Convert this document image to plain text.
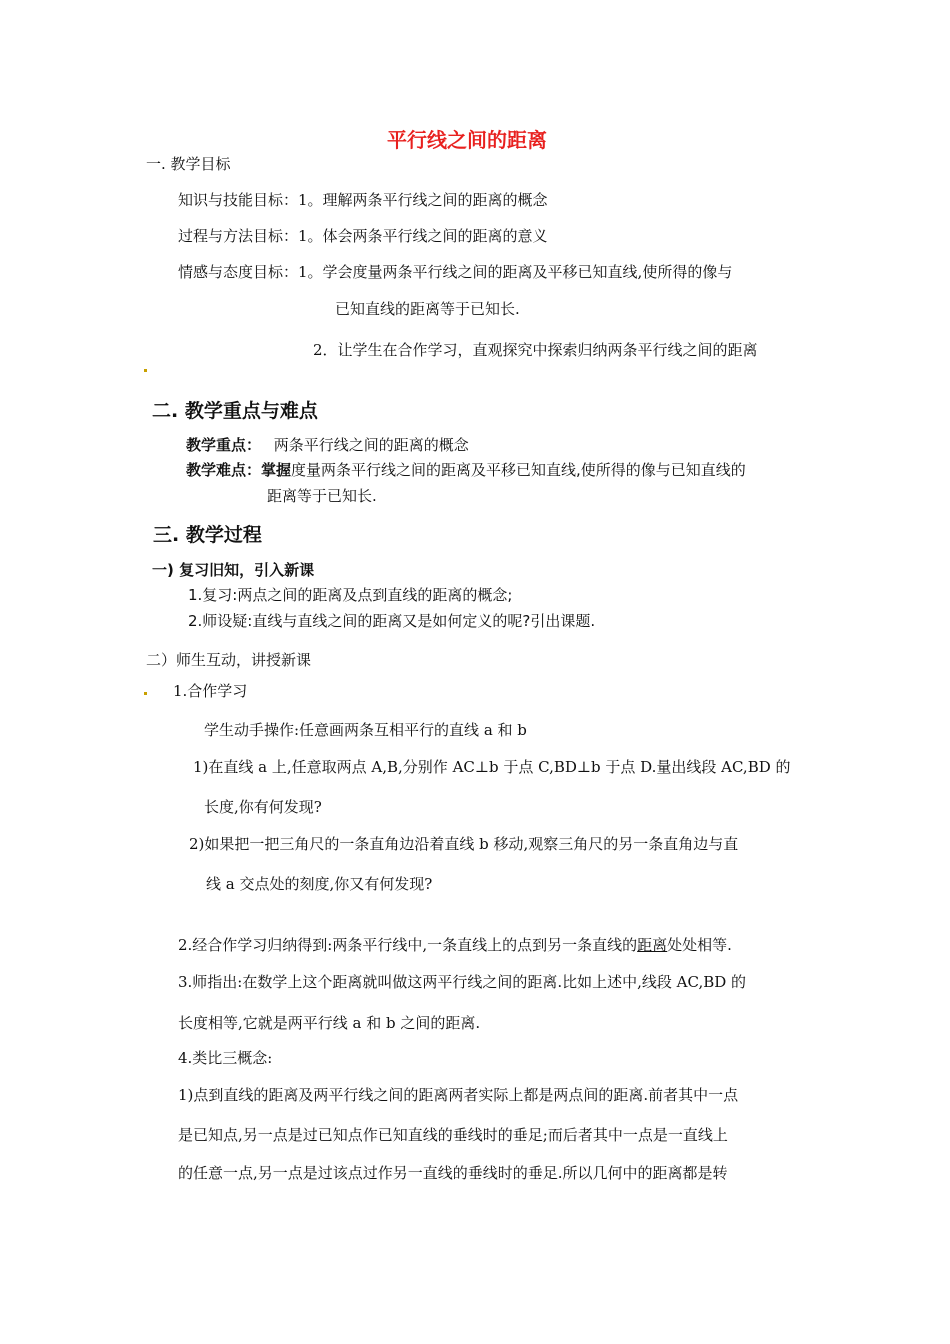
平行线之间的距离
一. 教学目标
知识与技能目标：1。理解两条平行线之间的距离的概念
过程与方法目标：1。体会两条平行线之间的距离的意义
情感与态度目标：1。学会度量两条平行线之间的距离及平移已知直线,使所得的像与
已知直线的距离等于已知长.
2．让学生在合作学习，直观探究中探索归纳两条平行线之间的距离
二. 教学重点与难点
教学重点： 两条平行线之间的距离的概念
教学难点：掌握度量两条平行线之间的距离及平移已知直线,使所得的像与已知直线的
距离等于已知长.
三. 教学过程
一) 复习旧知，引入新课
1.复习:两点之间的距离及点到直线的距离的概念;
2.师设疑:直线与直线之间的距离又是如何定义的呢?引出课题.
二）师生互动，讲授新课
1.合作学习
学生动手操作:任意画两条互相平行的直线 a 和 b
1)在直线 a 上,任意取两点 A,B,分别作 AC⊥b 于点 C,BD⊥b 于点 D.量出线段 AC,BD 的
长度,你有何发现?
2)如果把一把三角尺的一条直角边沿着直线 b 移动,观察三角尺的另一条直角边与直
线 a 交点处的刻度,你又有何发现?
2.经合作学习归纳得到:两条平行线中,一条直线上的点到另一条直线的距离处处相等.
3.师指出:在数学上这个距离就叫做这两平行线之间的距离.比如上述中,线段 AC,BD 的
长度相等,它就是两平行线 a 和 b 之间的距离.
4.类比三概念:
1)点到直线的距离及两平行线之间的距离两者实际上都是两点间的距离.前者其中一点
是已知点,另一点是过已知点作已知直线的垂线时的垂足;而后者其中一点是一直线上
的任意一点,另一点是过该点过作另一直线的垂线时的垂足.所以几何中的距离都是转
